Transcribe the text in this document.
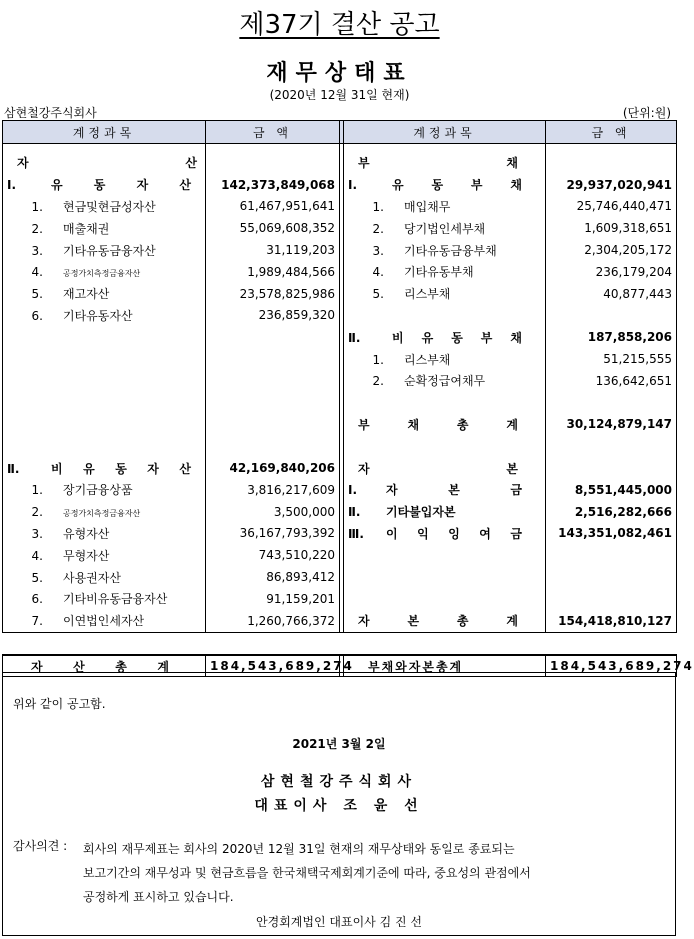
제37기 결산 공고
재무상태표
(2020년 12월 31일 현재)
삼현철강주식회사	(단위:원)
계정과목	금 액		계정과목	금 액

자 산			부 채	
Ⅰ. 유 동 자 산	142,373,849,068		Ⅰ. 유 동 부 채	29,937,020,941
1. 현금및현금성자산	61,467,951,641		1. 매입채무	25,746,440,471
2. 매출채권	55,069,608,352		2. 당기법인세부채	1,609,318,651
3. 기타유동금융자산	31,119,203		3. 기타유동금융부채	2,304,205,172
4. 공정가치측정금융자산	1,989,484,566		4. 기타유동부채	236,179,204
5. 재고자산	23,578,825,986		5. 리스부채	40,877,443
6. 기타유동자산	236,859,320			
			Ⅱ. 비 유 동 부 채	187,858,206
			1. 리스부채	51,215,555
			2. 순확정급여채무	136,642,651

			부 채 총 계	30,124,879,147

Ⅱ. 비 유 동 자 산	42,169,840,206		자 본	
1. 장기금융상품	3,816,217,609		Ⅰ. 자 본 금	8,551,445,000
2. 공정가치측정금융자산	3,500,000		Ⅱ. 기타불입자본	2,516,282,666
3. 유형자산	36,167,793,392		Ⅲ. 이 익 잉 여 금	143,351,082,461
4. 무형자산	743,510,220			
5. 사용권자산	86,893,412			
6. 기타비유동금융자산	91,159,201			
7. 이연법인세자산	1,260,766,372		자 본 총 계	154,418,810,127

자 산 총 계	184,543,689,274		부채와자본총계	184,543,689,274
위와 같이 공고함.
2021년 3월 2일
삼현철강주식회사
대표이사 조 윤 선
감사의견 : 회사의 재무제표는 회사의 2020년 12월 31일 현재의 재무상태와 동일로 종료되는
보고기간의 재무성과 및 현금흐름을 한국채택국제회계기준에 따라, 중요성의 관점에서
공정하게 표시하고 있습니다.
안경회계법인 대표이사 김 진 선
